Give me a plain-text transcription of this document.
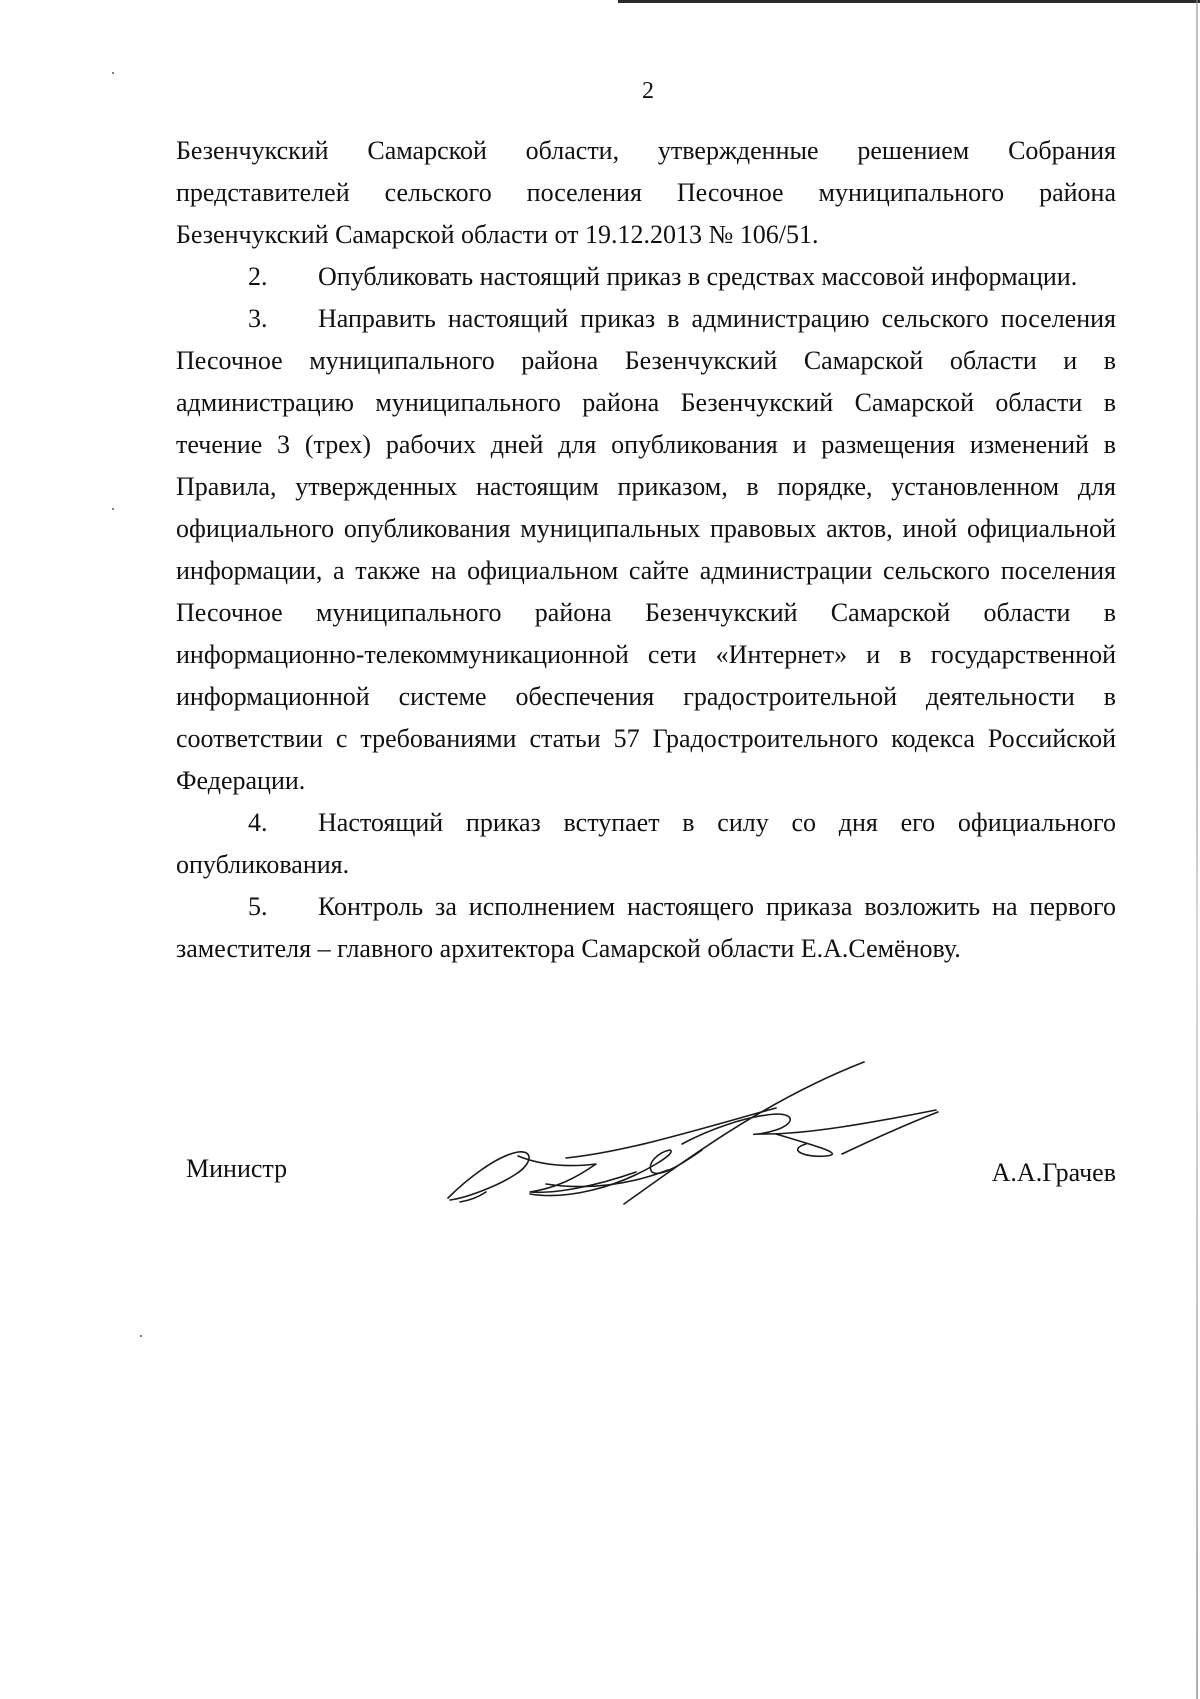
2

Безенчукский Самарской области, утвержденные решением Собрания представителей сельского поселения Песочное муниципального района Безенчукский Самарской области от 19.12.2013 № 106/51.

2. Опубликовать настоящий приказ в средствах массовой информации.

3. Направить настоящий приказ в администрацию сельского поселения Песочное муниципального района Безенчукский Самарской области и в администрацию муниципального района Безенчукский Самарской области в течение 3 (трех) рабочих дней для опубликования и размещения изменений в Правила, утвержденных настоящим приказом, в порядке, установленном для официального опубликования муниципальных правовых актов, иной официальной информации, а также на официальном сайте администрации сельского поселения Песочное муниципального района Безенчукский Самарской области в информационно-телекоммуникационной сети «Интернет» и в государственной информационной системе обеспечения градостроительной деятельности в соответствии с требованиями статьи 57 Градостроительного кодекса Российской Федерации.

4. Настоящий приказ вступает в силу со дня его официального опубликования.

5. Контроль за исполнением настоящего приказа возложить на первого заместителя – главного архитектора Самарской области Е.А.Семёнову.

Министр	А.А.Грачев
